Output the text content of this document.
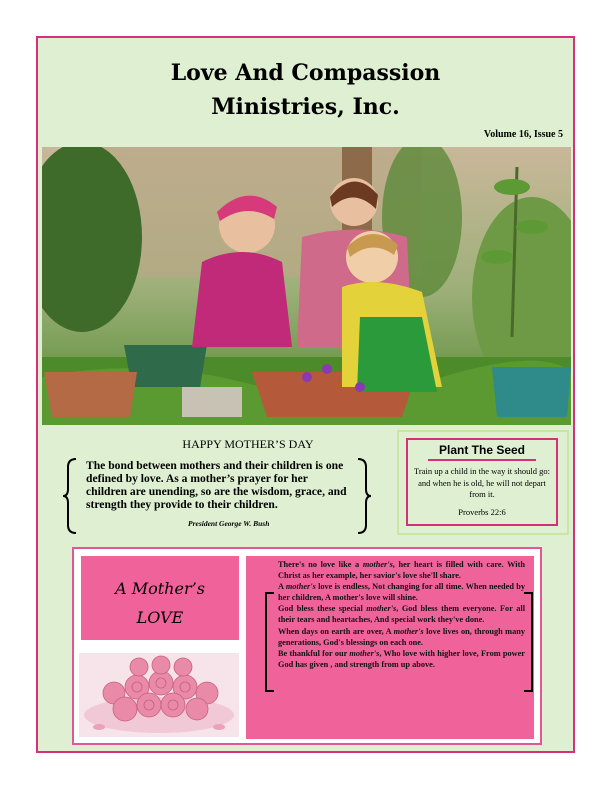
Love And Compassion
Ministries, Inc.
Volume 16, Issue 5
HAPPY MOTHER’S DAY
The bond between mothers and their children is one defined by love. As a mother’s prayer for her children are unending, so are the wisdom, grace, and strength they provide to their children.
President George W. Bush
Plant The Seed
Train up a child in the way it should go: and when he is old, he will not depart from it.
Proverbs 22:6
A Mother’s
LOVE

There's no love like a mother's, her heart is filled with care. With Christ as her example, her savior's love she'll share.

A mother's love is endless, Not changing for all time. When needed by her children, A mother's love will shine.

God bless these special mother's, God bless them everyone. For all their tears and heartaches, And special work they've done.

When days on earth are over, A mother's love lives on, through many generations, God's blessings on each one.

Be thankful for our mother's, Who love with higher love, From power God has given , and strength from up above.
